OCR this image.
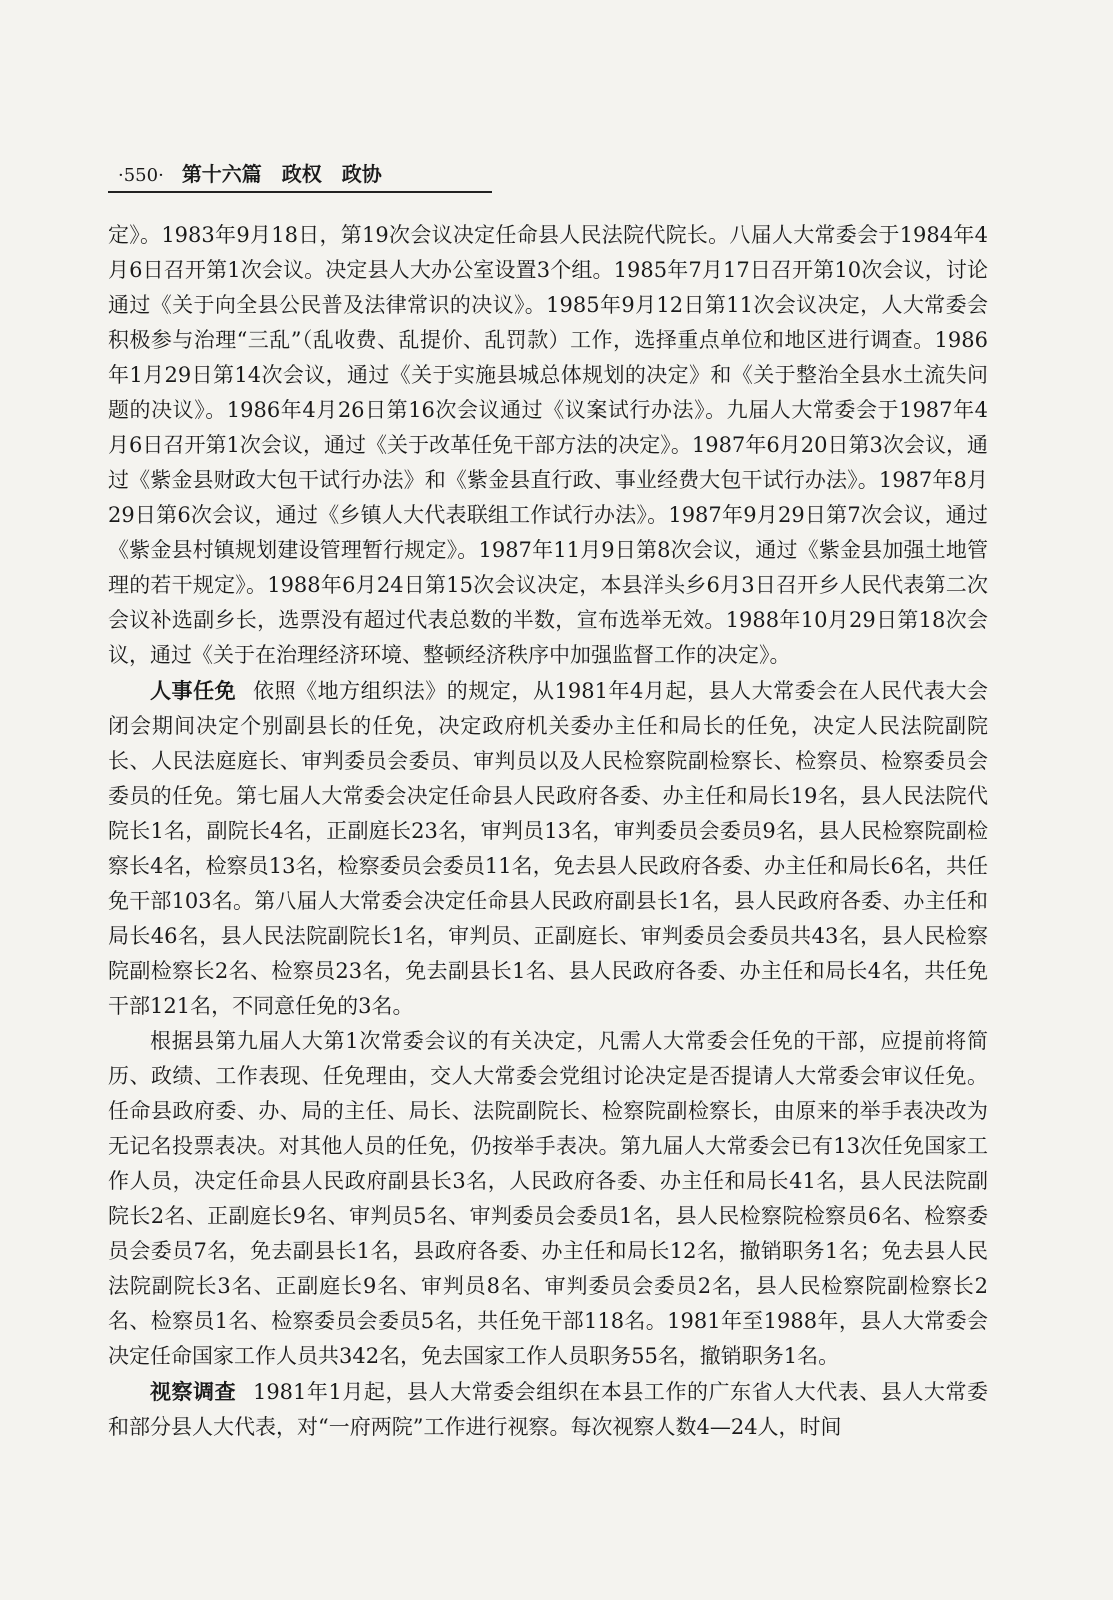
·550· 第十六篇　政权　政协

定》。1983年9月18日，第19次会议决定任命县人民法院代院长。八届人大常委会于1984年4月6日召开第1次会议。决定县人大办公室设置3个组。1985年7月17日召开第10次会议，讨论通过《关于向全县公民普及法律常识的决议》。1985年9月12日第11次会议决定，人大常委会积极参与治理“三乱”（乱收费、乱提价、乱罚款）工作，选择重点单位和地区进行调查。1986年1月29日第14次会议，通过《关于实施县城总体规划的决定》和《关于整治全县水土流失问题的决议》。1986年4月26日第16次会议通过《议案试行办法》。九届人大常委会于1987年4月6日召开第1次会议，通过《关于改革任免干部方法的决定》。1987年6月20日第3次会议，通过《紫金县财政大包干试行办法》和《紫金县直行政、事业经费大包干试行办法》。1987年8月29日第6次会议，通过《乡镇人大代表联组工作试行办法》。1987年9月29日第7次会议，通过《紫金县村镇规划建设管理暂行规定》。1987年11月9日第8次会议，通过《紫金县加强土地管理的若干规定》。1988年6月24日第15次会议决定，本县洋头乡6月3日召开乡人民代表第二次会议补选副乡长，选票没有超过代表总数的半数，宣布选举无效。1988年10月29日第18次会议，通过《关于在治理经济环境、整顿经济秩序中加强监督工作的决定》。

人事任免 依照《地方组织法》的规定，从1981年4月起，县人大常委会在人民代表大会闭会期间决定个别副县长的任免，决定政府机关委办主任和局长的任免，决定人民法院副院长、人民法庭庭长、审判委员会委员、审判员以及人民检察院副检察长、检察员、检察委员会委员的任免。第七届人大常委会决定任命县人民政府各委、办主任和局长19名，县人民法院代院长1名，副院长4名，正副庭长23名，审判员13名，审判委员会委员9名，县人民检察院副检察长4名，检察员13名，检察委员会委员11名，免去县人民政府各委、办主任和局长6名，共任免干部103名。第八届人大常委会决定任命县人民政府副县长1名，县人民政府各委、办主任和局长46名，县人民法院副院长1名，审判员、正副庭长、审判委员会委员共43名，县人民检察院副检察长2名、检察员23名，免去副县长1名、县人民政府各委、办主任和局长4名，共任免干部121名，不同意任免的3名。

根据县第九届人大第1次常委会议的有关决定，凡需人大常委会任免的干部，应提前将简历、政绩、工作表现、任免理由，交人大常委会党组讨论决定是否提请人大常委会审议任免。任命县政府委、办、局的主任、局长、法院副院长、检察院副检察长，由原来的举手表决改为无记名投票表决。对其他人员的任免，仍按举手表决。第九届人大常委会已有13次任免国家工作人员，决定任命县人民政府副县长3名，人民政府各委、办主任和局长41名，县人民法院副院长2名、正副庭长9名、审判员5名、审判委员会委员1名，县人民检察院检察员6名、检察委员会委员7名，免去副县长1名，县政府各委、办主任和局长12名，撤销职务1名；免去县人民法院副院长3名、正副庭长9名、审判员8名、审判委员会委员2名，县人民检察院副检察长2名、检察员1名、检察委员会委员5名，共任免干部118名。1981年至1988年，县人大常委会决定任命国家工作人员共342名，免去国家工作人员职务55名，撤销职务1名。

视察调查 1981年1月起，县人大常委会组织在本县工作的广东省人大代表、县人大常委和部分县人大代表，对“一府两院”工作进行视察。每次视察人数4—24人，时间
